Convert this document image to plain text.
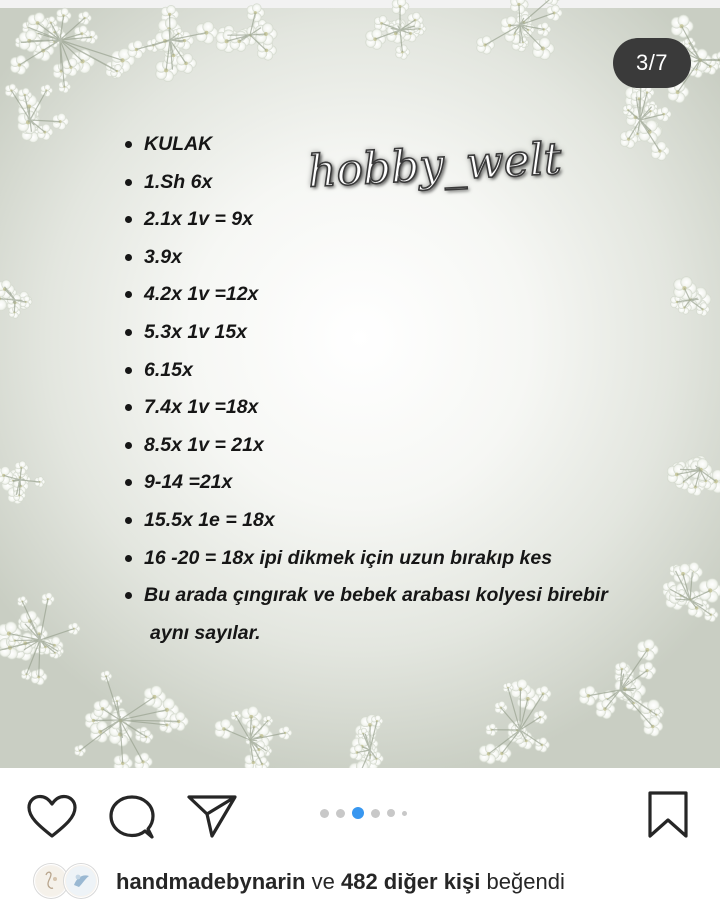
3/7
hobby_welt
KULAK
1.Sh 6x
2.1x 1v = 9x
3.9x
4.2x 1v =12x
5.3x 1v 15x
6.15x
7.4x 1v =18x
8.5x 1v = 21x
9-14 =21x
15.5x 1e = 18x
16 -20 = 18x ipi dikmek için uzun bırakıp kes
Bu arada çıngırak ve bebek arabası kolyesi birebir
aynı sayılar.
handmadebynarin ve 482 diğer kişi beğendi
